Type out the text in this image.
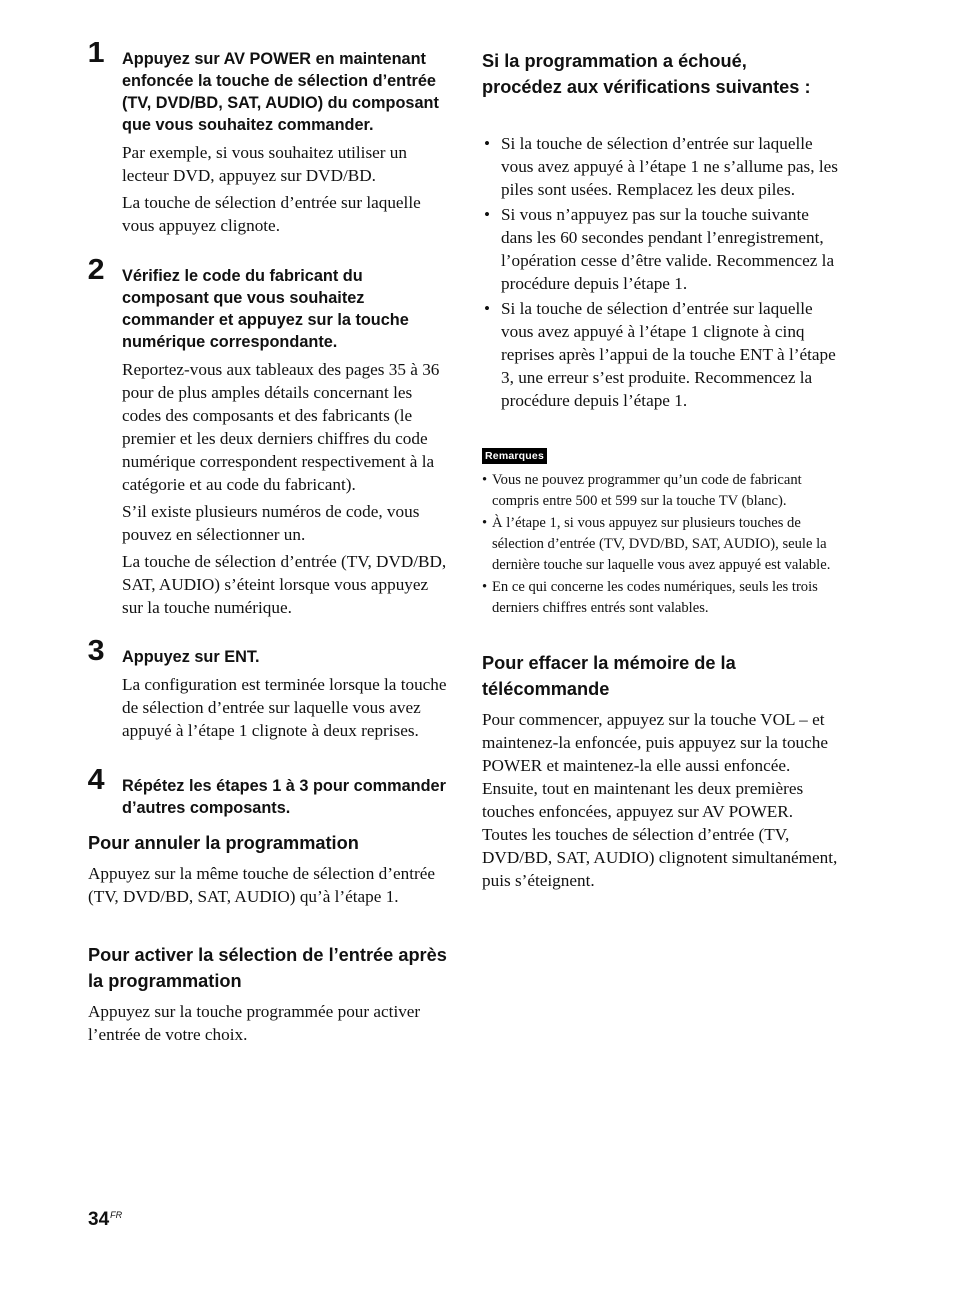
1 Appuyez sur AV POWER en maintenant enfoncée la touche de sélection d’entrée (TV, DVD/BD, SAT, AUDIO) du composant que vous souhaitez commander.

Par exemple, si vous souhaitez utiliser un lecteur DVD, appuyez sur DVD/BD.

La touche de sélection d’entrée sur laquelle vous appuyez clignote.

2 Vérifiez le code du fabricant du composant que vous souhaitez commander et appuyez sur la touche numérique correspondante.

Reportez-vous aux tableaux des pages 35 à 36 pour de plus amples détails concernant les codes des composants et des fabricants (le premier et les deux derniers chiffres du code numérique correspondent respectivement à la catégorie et au code du fabricant).

S’il existe plusieurs numéros de code, vous pouvez en sélectionner un.

La touche de sélection d’entrée (TV, DVD/BD, SAT, AUDIO) s’éteint lorsque vous appuyez sur la touche numérique.

3 Appuyez sur ENT.

La configuration est terminée lorsque la touche de sélection d’entrée sur laquelle vous avez appuyé à l’étape 1 clignote à deux reprises.

4 Répétez les étapes 1 à 3 pour commander d’autres composants.
Pour annuler la programmation

Appuyez sur la même touche de sélection d’entrée (TV, DVD/BD, SAT, AUDIO) qu’à l’étape 1.

Pour activer la sélection de l’entrée après la programmation

Appuyez sur la touche programmée pour activer l’entrée de votre choix.

Si la programmation a échoué, procédez aux vérifications suivantes :
• Si la touche de sélection d’entrée sur laquelle vous avez appuyé à l’étape 1 ne s’allume pas, les piles sont usées. Remplacez les deux piles.
• Si vous n’appuyez pas sur la touche suivante dans les 60 secondes pendant l’enregistrement, l’opération cesse d’être valide. Recommencez la procédure depuis l’étape 1.
• Si la touche de sélection d’entrée sur laquelle vous avez appuyé à l’étape 1 clignote à cinq reprises après l’appui de la touche ENT à l’étape 3, une erreur s’est produite. Recommencez la procédure depuis l’étape 1.
Remarques
• Vous ne pouvez programmer qu’un code de fabricant compris entre 500 et 599 sur la touche TV (blanc).
• À l’étape 1, si vous appuyez sur plusieurs touches de sélection d’entrée (TV, DVD/BD, SAT, AUDIO), seule la dernière touche sur laquelle vous avez appuyé est valable.
• En ce qui concerne les codes numériques, seuls les trois derniers chiffres entrés sont valables.
Pour effacer la mémoire de la télécommande

Pour commencer, appuyez sur la touche VOL – et maintenez-la enfoncée, puis appuyez sur la touche POWER et maintenez-la elle aussi enfoncée. Ensuite, tout en maintenant les deux premières touches enfoncées, appuyez sur AV POWER.

Toutes les touches de sélection d’entrée (TV, DVD/BD, SAT, AUDIO) clignotent simultanément, puis s’éteignent.

$34^{FR}$
